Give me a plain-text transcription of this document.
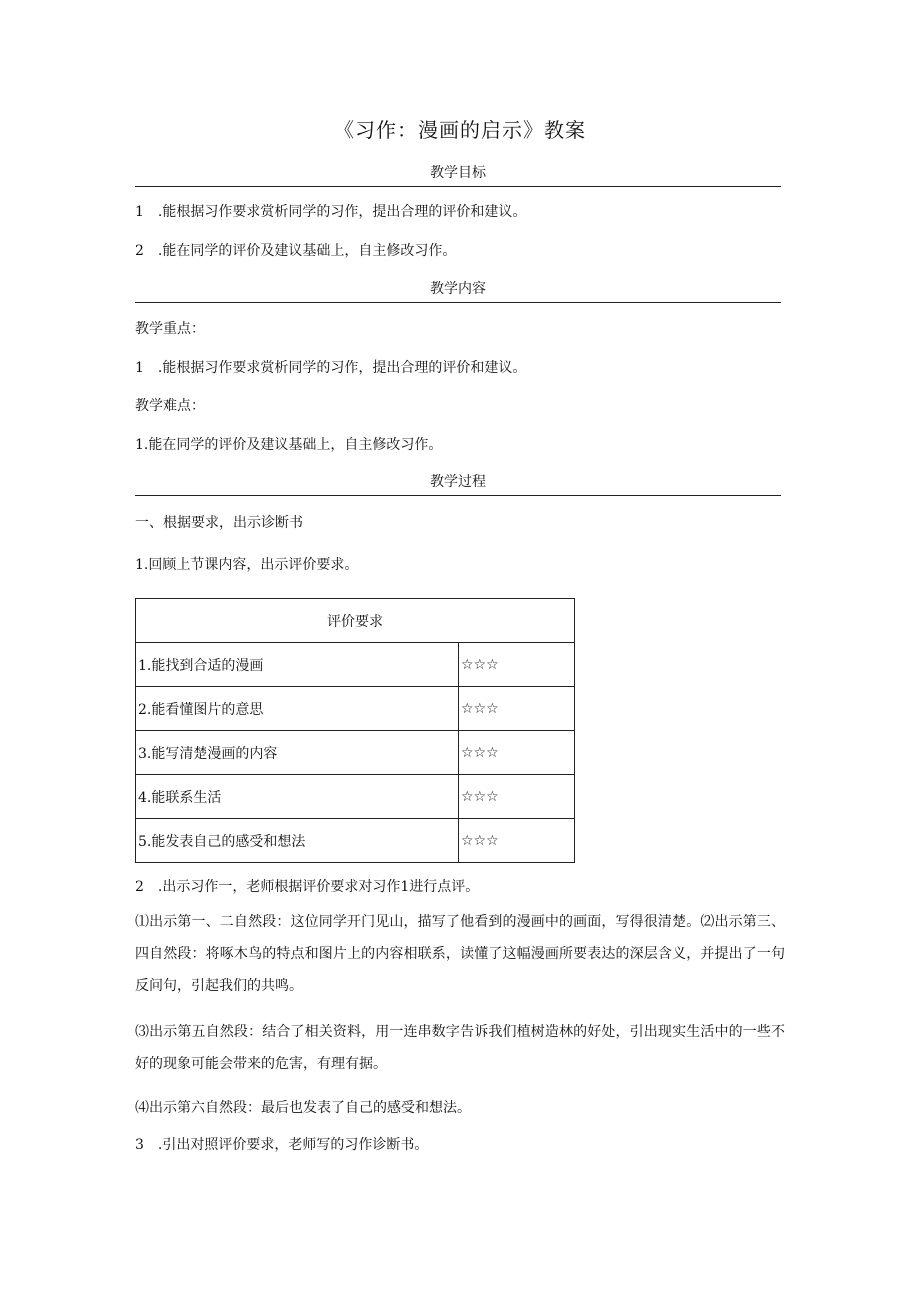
《习作：漫画的启示》教案
教学目标
1　.能根据习作要求赏析同学的习作，提出合理的评价和建议。
2　.能在同学的评价及建议基础上，自主修改习作。
教学内容
教学重点：
1　.能根据习作要求赏析同学的习作，提出合理的评价和建议。
教学难点：
1.能在同学的评价及建议基础上，自主修改习作。
教学过程
一、根据要求，出示诊断书
1.回顾上节课内容，出示评价要求。
评价要求	
1.能找到合适的漫画	☆☆☆
2.能看懂图片的意思	☆☆☆
3.能写清楚漫画的内容	☆☆☆
4.能联系生活	☆☆☆
5.能发表自己的感受和想法	☆☆☆
2　.出示习作一，老师根据评价要求对习作1进行点评。
⑴出示第一、二自然段：这位同学开门见山，描写了他看到的漫画中的画面，写得很清楚。⑵出示第三、四自然段：将啄木鸟的特点和图片上的内容相联系，读懂了这幅漫画所要表达的深层含义，并提出了一句反问句，引起我们的共鸣。
⑶出示第五自然段：结合了相关资料，用一连串数字告诉我们植树造林的好处，引出现实生活中的一些不好的现象可能会带来的危害，有理有据。
⑷出示第六自然段：最后也发表了自己的感受和想法。
3　.引出对照评价要求，老师写的习作诊断书。
